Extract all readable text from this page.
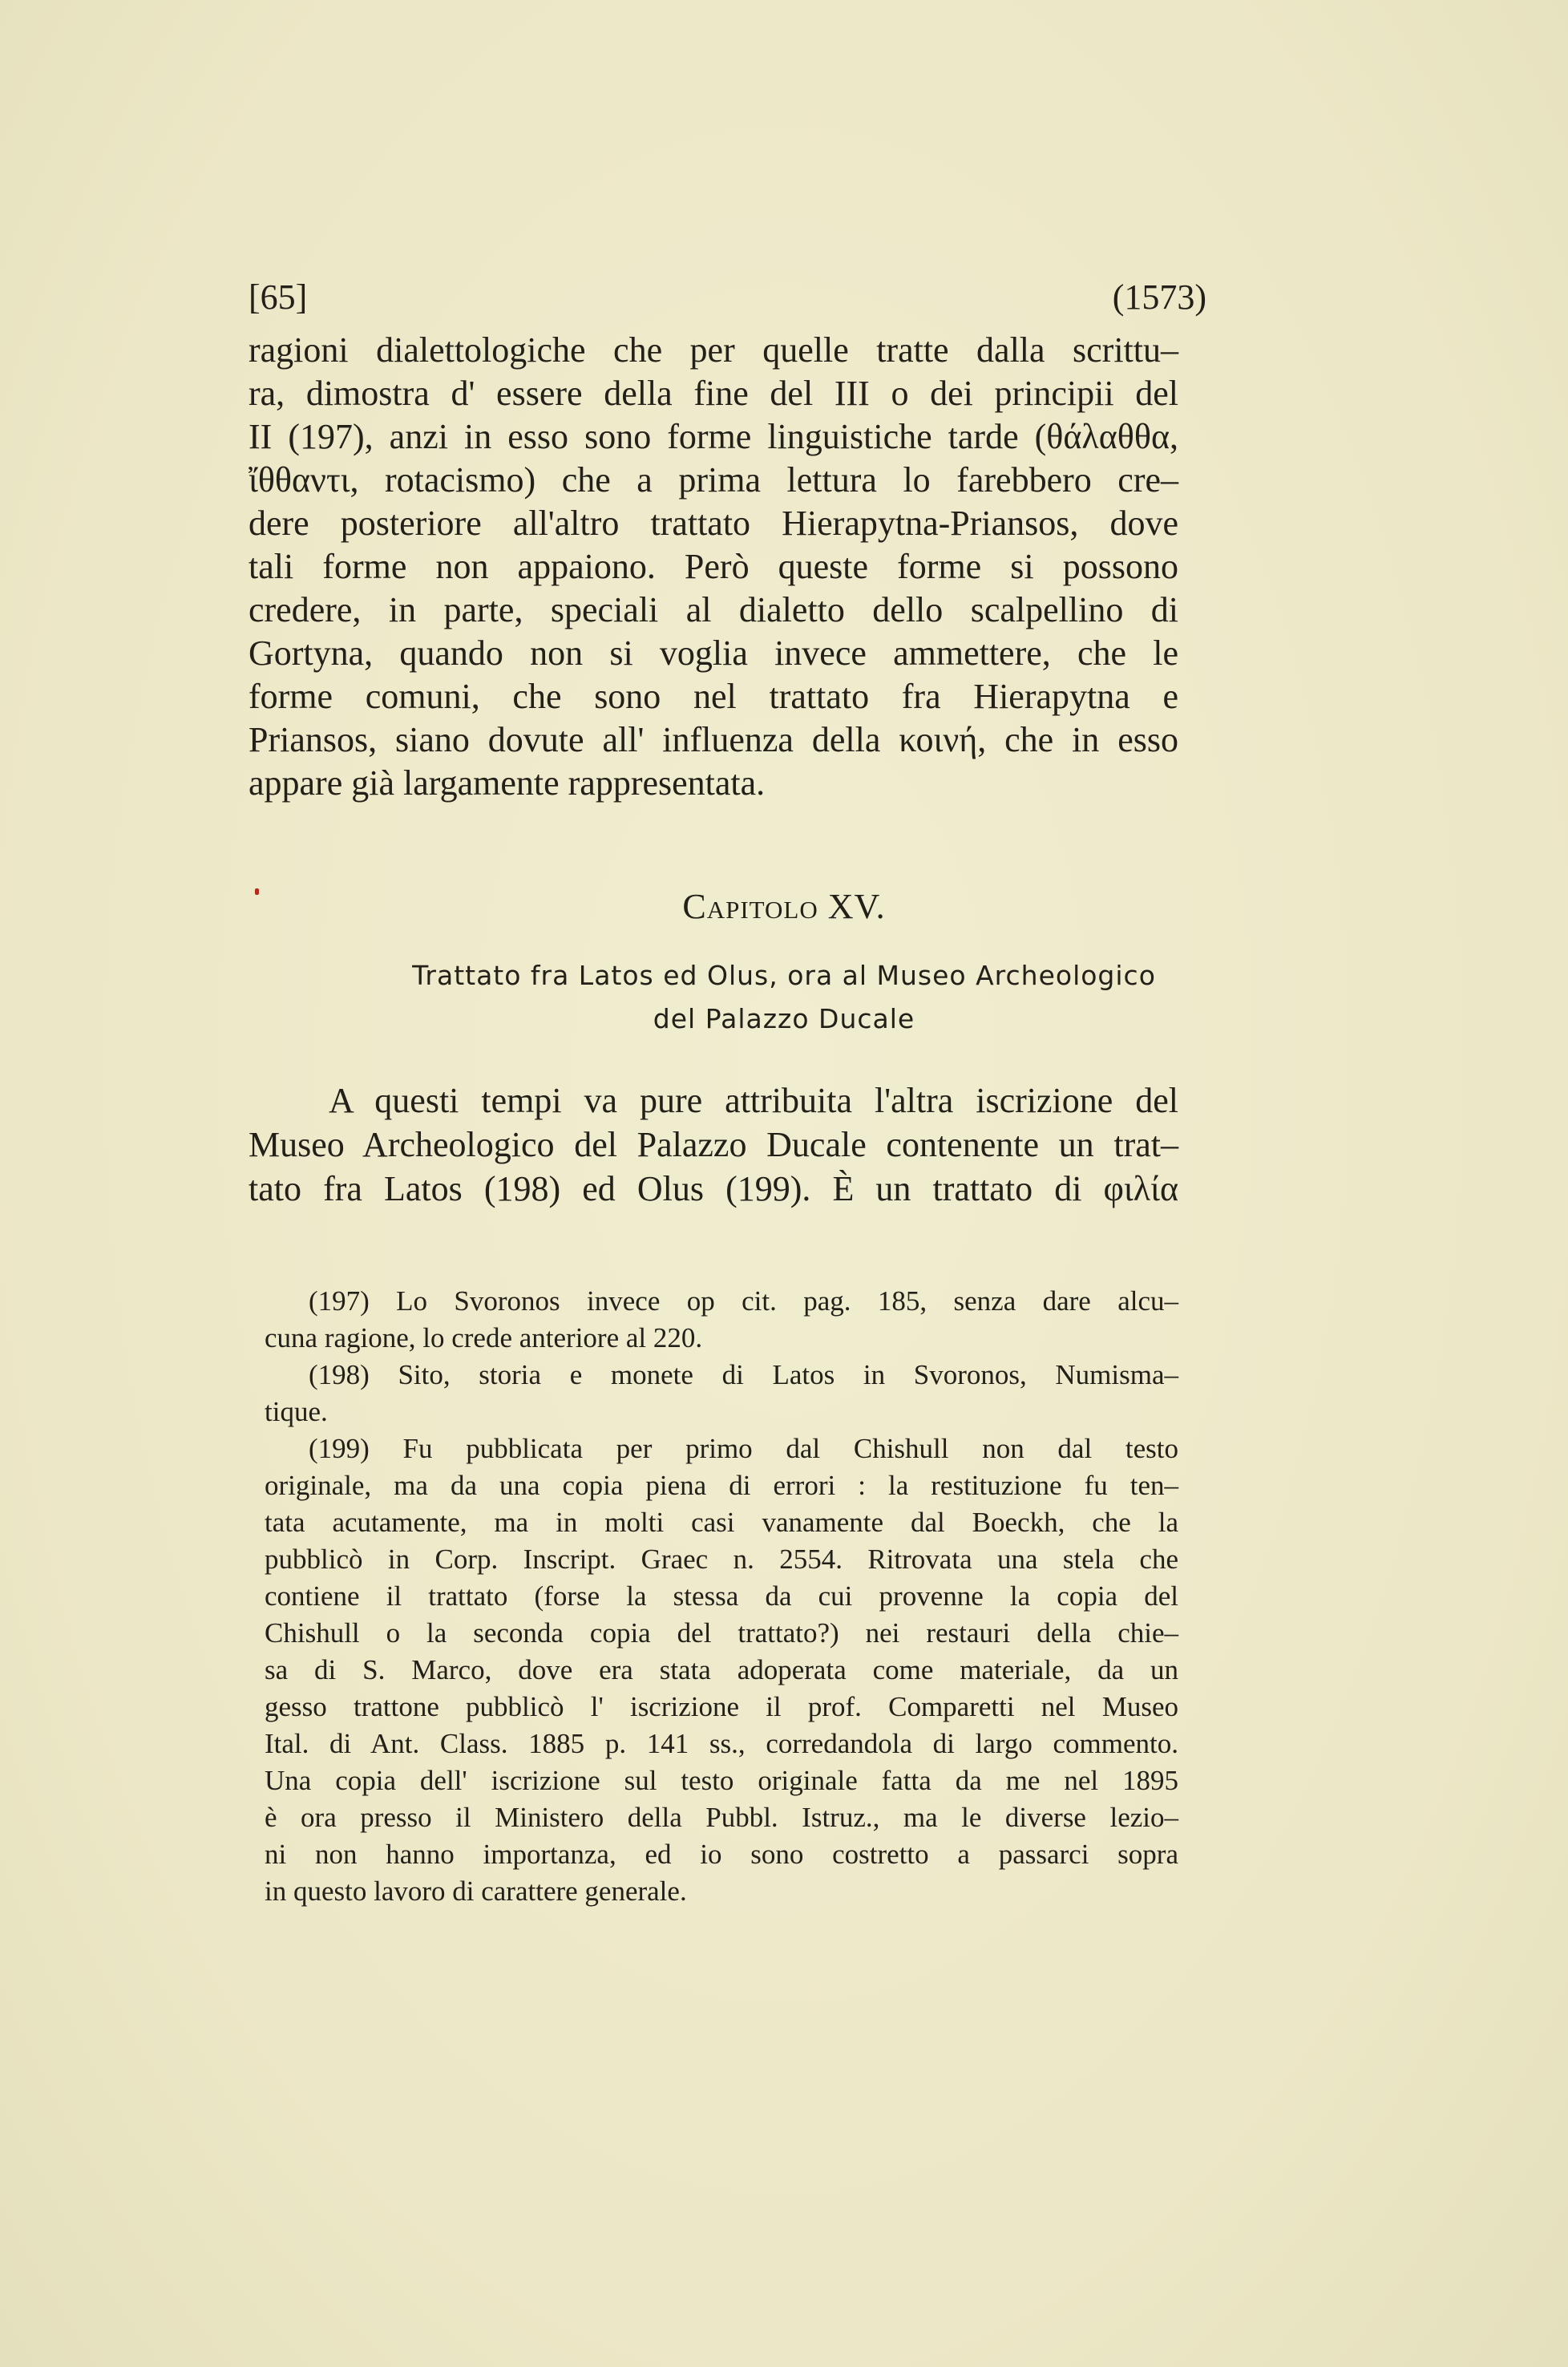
[65]	(1573)
ragioni dialettologiche che per quelle tratte dalla scrittu–
ra, dimostra d' essere della fine del III o dei principii del
II (197), anzi in esso sono forme linguistiche tarde (θάλαθθα,
ἴθθαντι, rotacismo) che a prima lettura lo farebbero cre–
dere posteriore all'altro trattato Hierapytna-Priansos, dove
tali forme non appaiono. Però queste forme si possono
credere, in parte, speciali al dialetto dello scalpellino di
Gortyna, quando non si voglia invece ammettere, che le
forme comuni, che sono nel trattato fra Hierapytna e
Priansos, siano dovute all' influenza della κοινή, che in esso
appare già largamente rappresentata.
Capitolo XV.
Trattato fra Latos ed Olus, ora al Museo Archeologico
del Palazzo Ducale
A questi tempi va pure attribuita l'altra iscrizione del
Museo Archeologico del Palazzo Ducale contenente un trat–
tato fra Latos (198) ed Olus (199). È un trattato di φιλία
(197) Lo Svoronos invece op cit. pag. 185, senza dare alcu–
cuna ragione, lo crede anteriore al 220.
(198) Sito, storia e monete di Latos in Svoronos, Numisma–
tique.
(199) Fu pubblicata per primo dal Chishull non dal testo
originale, ma da una copia piena di errori : la restituzione fu ten–
tata acutamente, ma in molti casi vanamente dal Boeckh, che la
pubblicò in Corp. Inscript. Graec n. 2554. Ritrovata una stela che
contiene il trattato (forse la stessa da cui provenne la copia del
Chishull o la seconda copia del trattato?) nei restauri della chie–
sa di S. Marco, dove era stata adoperata come materiale, da un
gesso trattone pubblicò l' iscrizione il prof. Comparetti nel Museo
Ital. di Ant. Class. 1885 p. 141 ss., corredandola di largo commento.
Una copia dell' iscrizione sul testo originale fatta da me nel 1895
è ora presso il Ministero della Pubbl. Istruz., ma le diverse lezio–
ni non hanno importanza, ed io sono costretto a passarci sopra
in questo lavoro di carattere generale.
